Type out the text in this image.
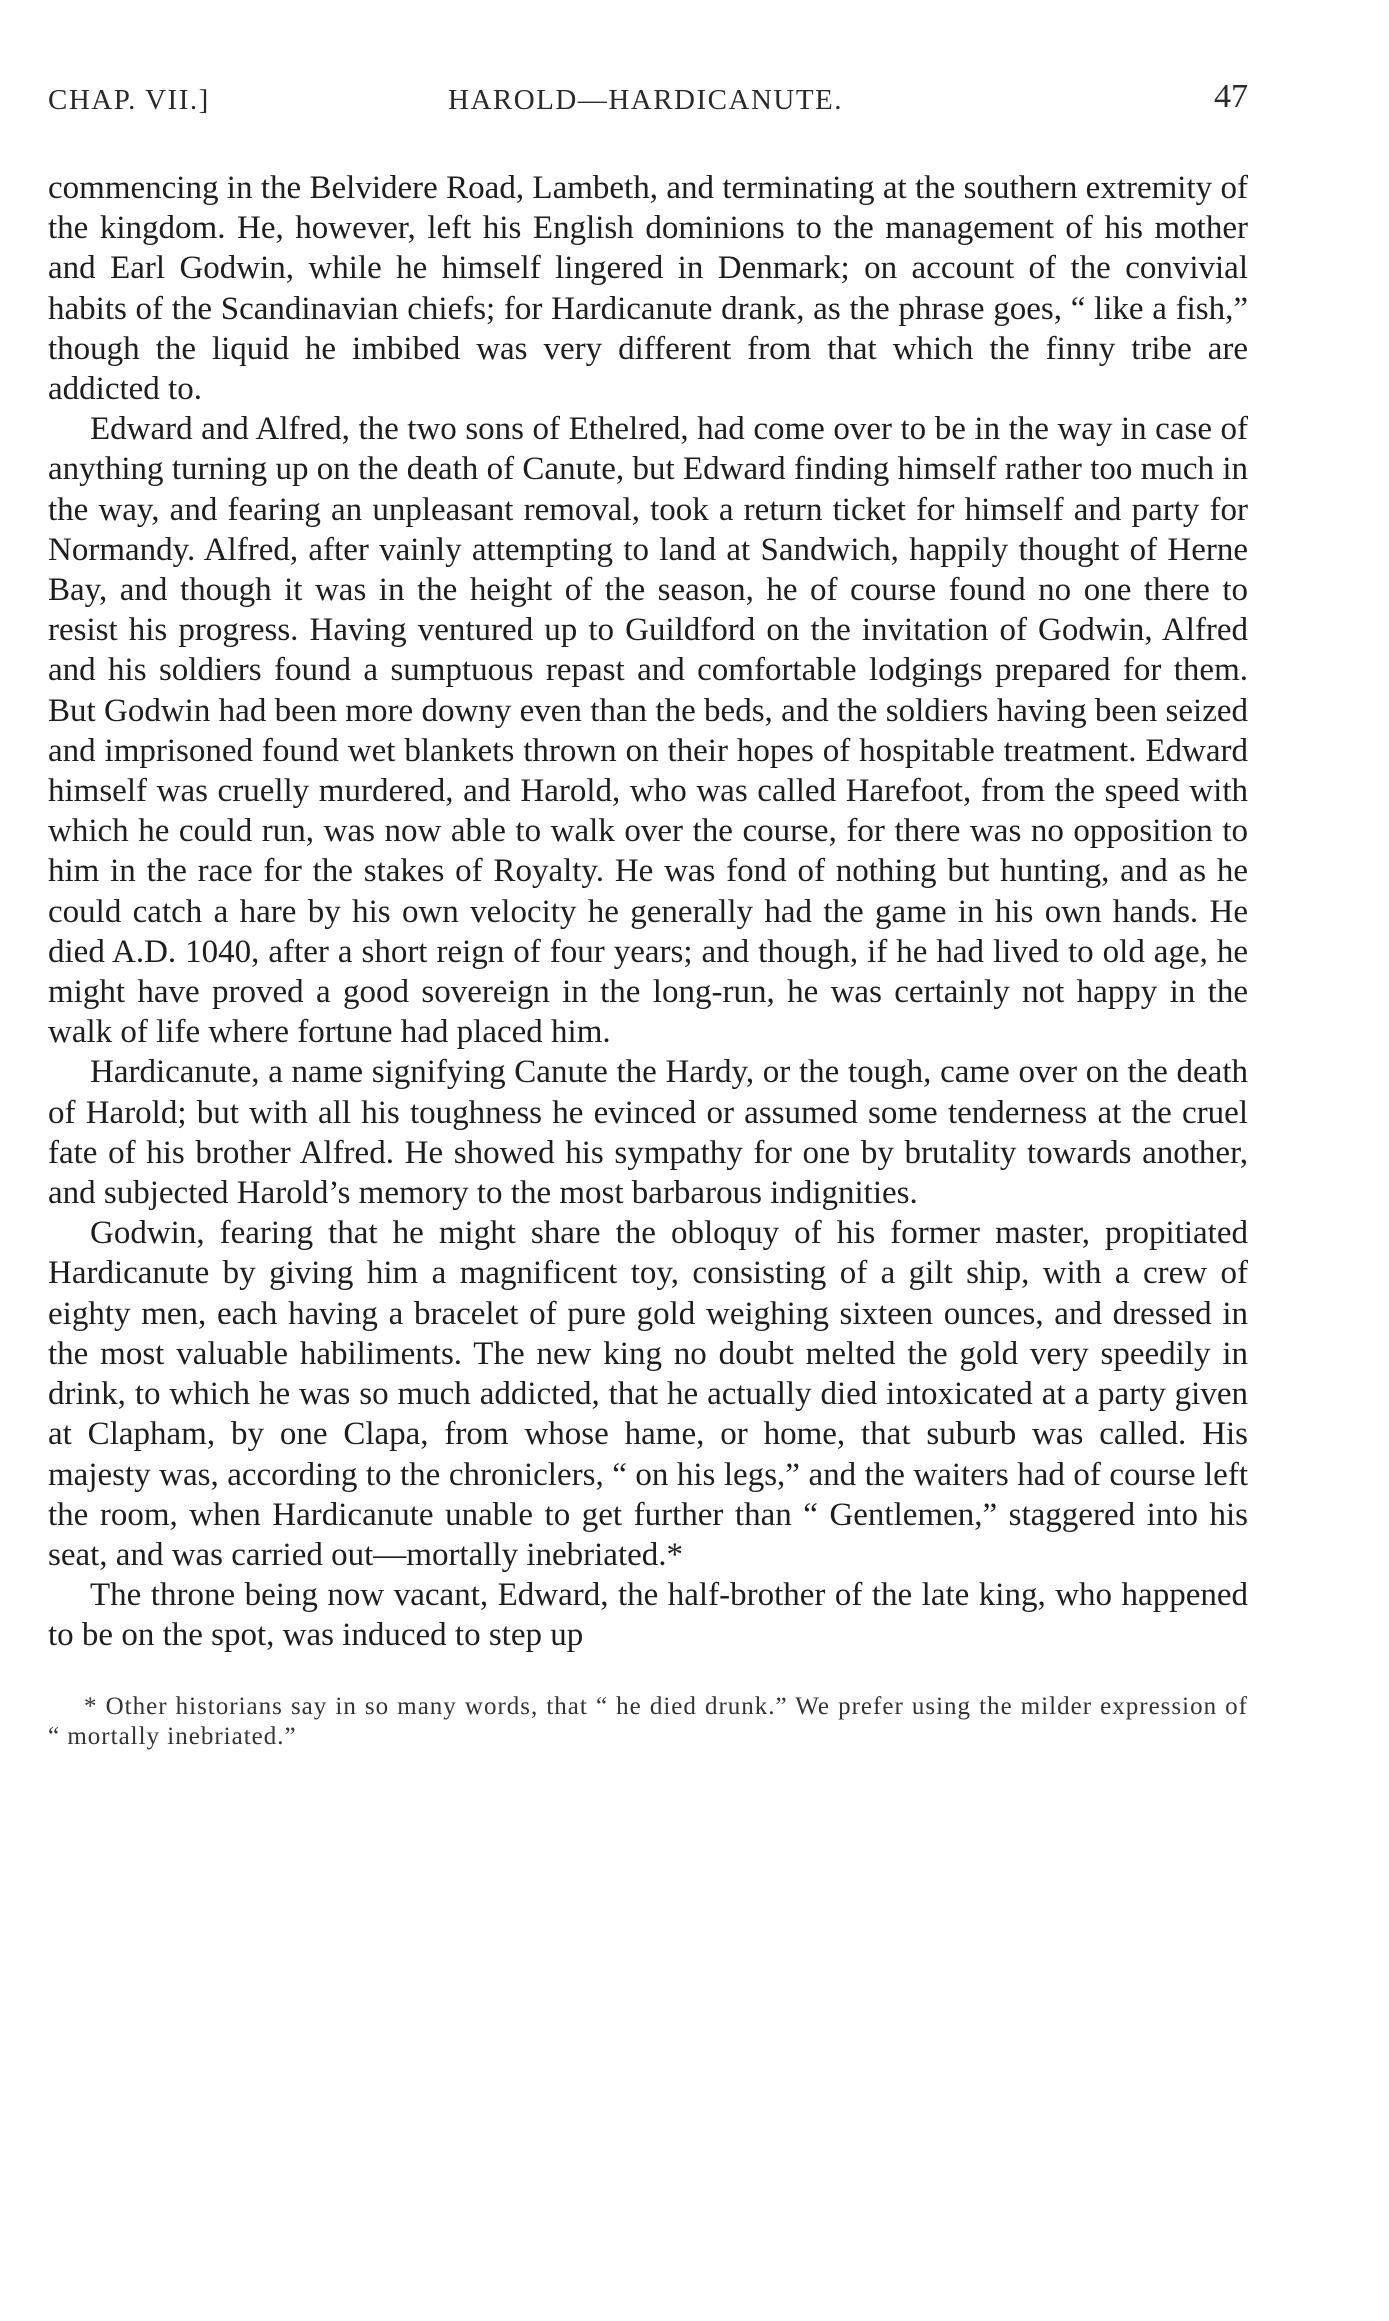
CHAP. VII.]	HAROLD—HARDICANUTE.	47

commencing in the Belvidere Road, Lambeth, and terminating at the southern extremity of the kingdom. He, however, left his English dominions to the management of his mother and Earl Godwin, while he himself lingered in Denmark; on account of the convivial habits of the Scandinavian chiefs; for Hardicanute drank, as the phrase goes, “ like a fish,” though the liquid he imbibed was very different from that which the finny tribe are addicted to.

Edward and Alfred, the two sons of Ethelred, had come over to be in the way in case of anything turning up on the death of Canute, but Edward finding himself rather too much in the way, and fearing an unpleasant removal, took a return ticket for himself and party for Normandy. Alfred, after vainly attempting to land at Sandwich, happily thought of Herne Bay, and though it was in the height of the season, he of course found no one there to resist his progress. Having ventured up to Guildford on the invitation of Godwin, Alfred and his soldiers found a sumptuous repast and comfortable lodgings prepared for them. But Godwin had been more downy even than the beds, and the soldiers having been seized and imprisoned found wet blankets thrown on their hopes of hospitable treatment. Edward himself was cruelly murdered, and Harold, who was called Harefoot, from the speed with which he could run, was now able to walk over the course, for there was no opposition to him in the race for the stakes of Royalty. He was fond of nothing but hunting, and as he could catch a hare by his own velocity he generally had the game in his own hands. He died A.D. 1040, after a short reign of four years; and though, if he had lived to old age, he might have proved a good sovereign in the long-run, he was certainly not happy in the walk of life where fortune had placed him.

Hardicanute, a name signifying Canute the Hardy, or the tough, came over on the death of Harold; but with all his toughness he evinced or assumed some tenderness at the cruel fate of his brother Alfred. He showed his sympathy for one by brutality towards another, and subjected Harold’s memory to the most barbarous indignities.

Godwin, fearing that he might share the obloquy of his former master, propitiated Hardicanute by giving him a magnificent toy, consisting of a gilt ship, with a crew of eighty men, each having a bracelet of pure gold weighing sixteen ounces, and dressed in the most valuable habiliments. The new king no doubt melted the gold very speedily in drink, to which he was so much addicted, that he actually died intoxicated at a party given at Clapham, by one Clapa, from whose hame, or home, that suburb was called. His majesty was, according to the chroniclers, “ on his legs,” and the waiters had of course left the room, when Hardicanute unable to get further than “ Gentlemen,” staggered into his seat, and was carried out—mortally inebriated.*

The throne being now vacant, Edward, the half-brother of the late king, who happened to be on the spot, was induced to step up

* Other historians say in so many words, that “ he died drunk.” We prefer using the milder expression of “ mortally inebriated.”
